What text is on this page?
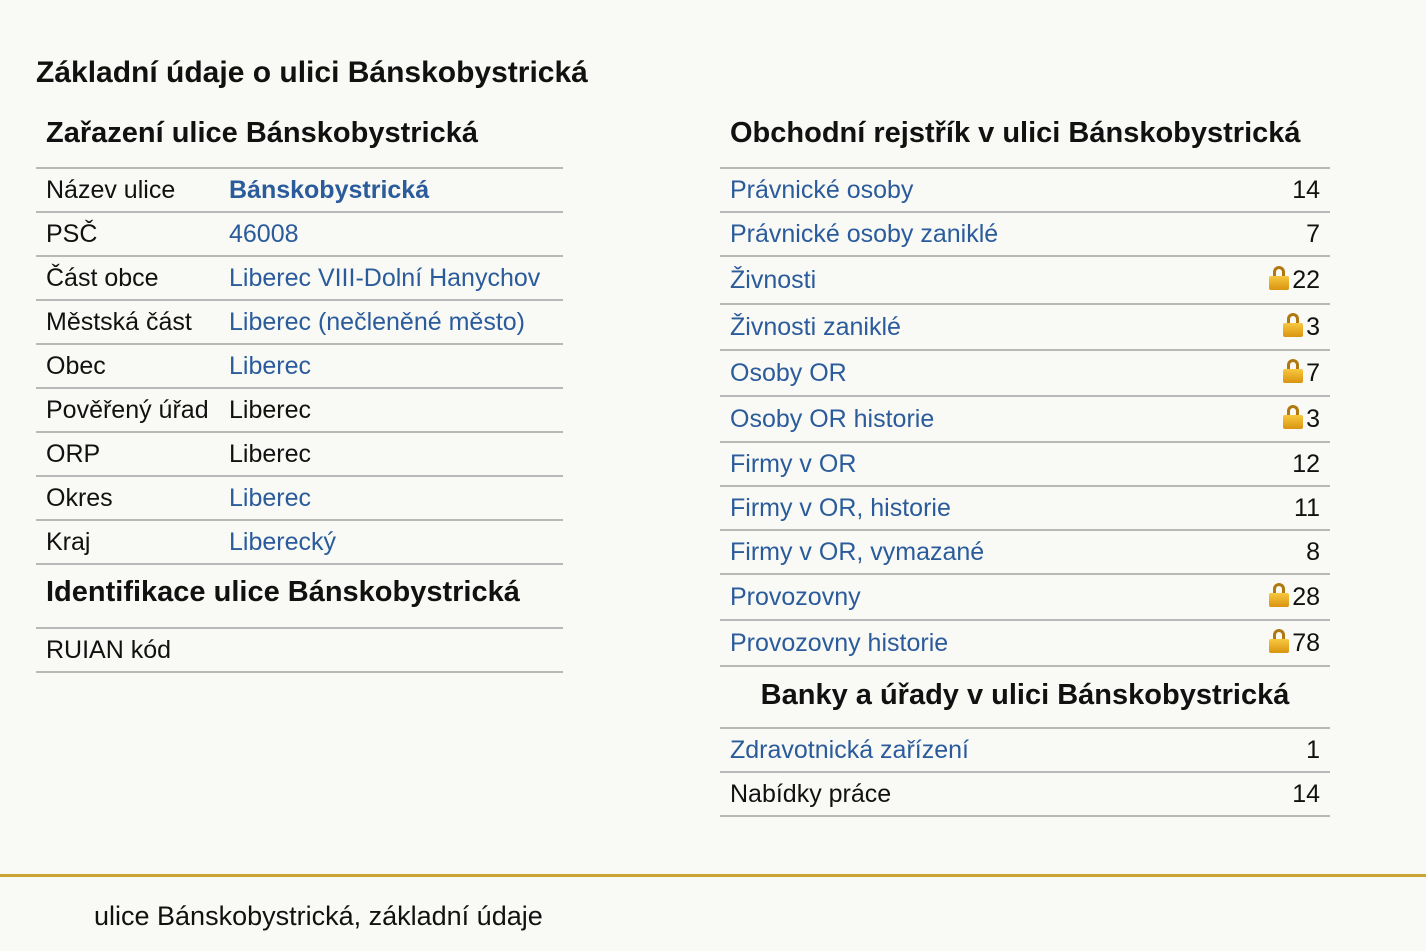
Základní údaje o ulici Bánskobystrická
Zařazení ulice Bánskobystrická
Název ulice	Bánskobystrická
PSČ	46008
Část obce	Liberec VIII-Dolní Hanychov
Městská část	Liberec (nečleněné město)
Obec	Liberec
Pověřený úřad	Liberec
ORP	Liberec
Okres	Liberec
Kraj	Liberecký
Identifikace ulice Bánskobystrická
RUIAN kód	
Obchodní rejstřík v ulici Bánskobystrická
Právnické osoby	14
Právnické osoby zaniklé	7
Živnosti	22
Živnosti zaniklé	3
Osoby OR	7
Osoby OR historie	3
Firmy v OR	12
Firmy v OR, historie	11
Firmy v OR, vymazané	8
Provozovny	28
Provozovny historie	78
Banky a úřady v ulici Bánskobystrická
Zdravotnická zařízení	1
Nabídky práce	14
ulice Bánskobystrická, základní údaje
